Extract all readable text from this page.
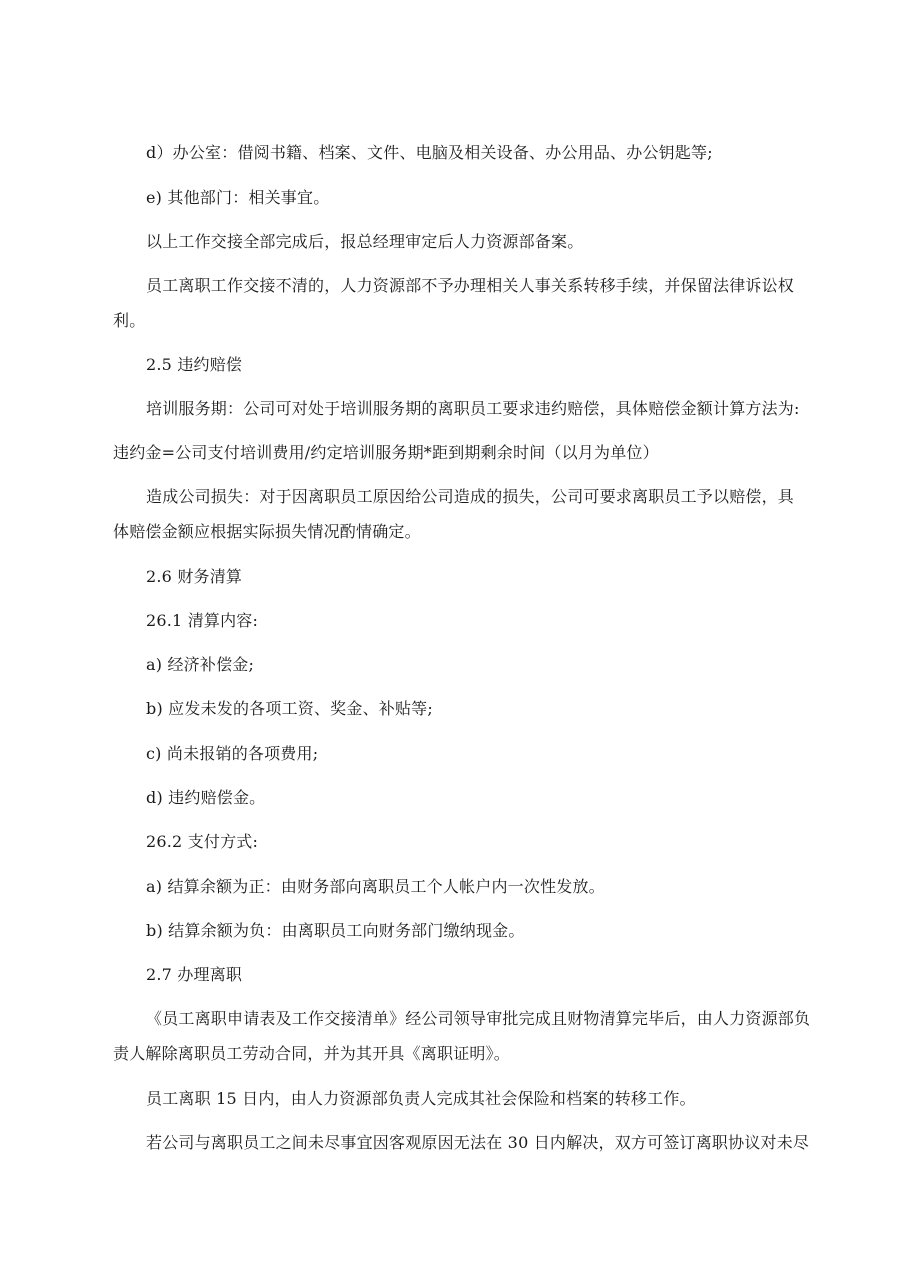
d）办公室：借阅书籍、档案、文件、电脑及相关设备、办公用品、办公钥匙等;
e) 其他部门：相关事宜。
以上工作交接全部完成后，报总经理审定后人力资源部备案。
员工离职工作交接不清的，人力资源部不予办理相关人事关系转移手续，并保留法律诉讼权
利。
2.5 违约赔偿
培训服务期：公司可对处于培训服务期的离职员工要求违约赔偿，具体赔偿金额计算方法为:
违约金=公司支付培训费用/约定培训服务期*距到期剩余时间（以月为单位）
造成公司损失：对于因离职员工原因给公司造成的损失，公司可要求离职员工予以赔偿，具
体赔偿金额应根据实际损失情况酌情确定。
2.6 财务清算
26.1 清算内容:
a) 经济补偿金;
b) 应发未发的各项工资、奖金、补贴等;
c) 尚未报销的各项费用;
d) 违约赔偿金。
26.2 支付方式:
a) 结算余额为正：由财务部向离职员工个人帐户内一次性发放。
b) 结算余额为负：由离职员工向财务部门缴纳现金。
2.7 办理离职
《员工离职申请表及工作交接清单》经公司领导审批完成且财物清算完毕后，由人力资源部负
责人解除离职员工劳动合同，并为其开具《离职证明》。
员工离职 15 日内，由人力资源部负责人完成其社会保险和档案的转移工作。
若公司与离职员工之间未尽事宜因客观原因无法在 30 日内解决，双方可签订离职协议对未尽
